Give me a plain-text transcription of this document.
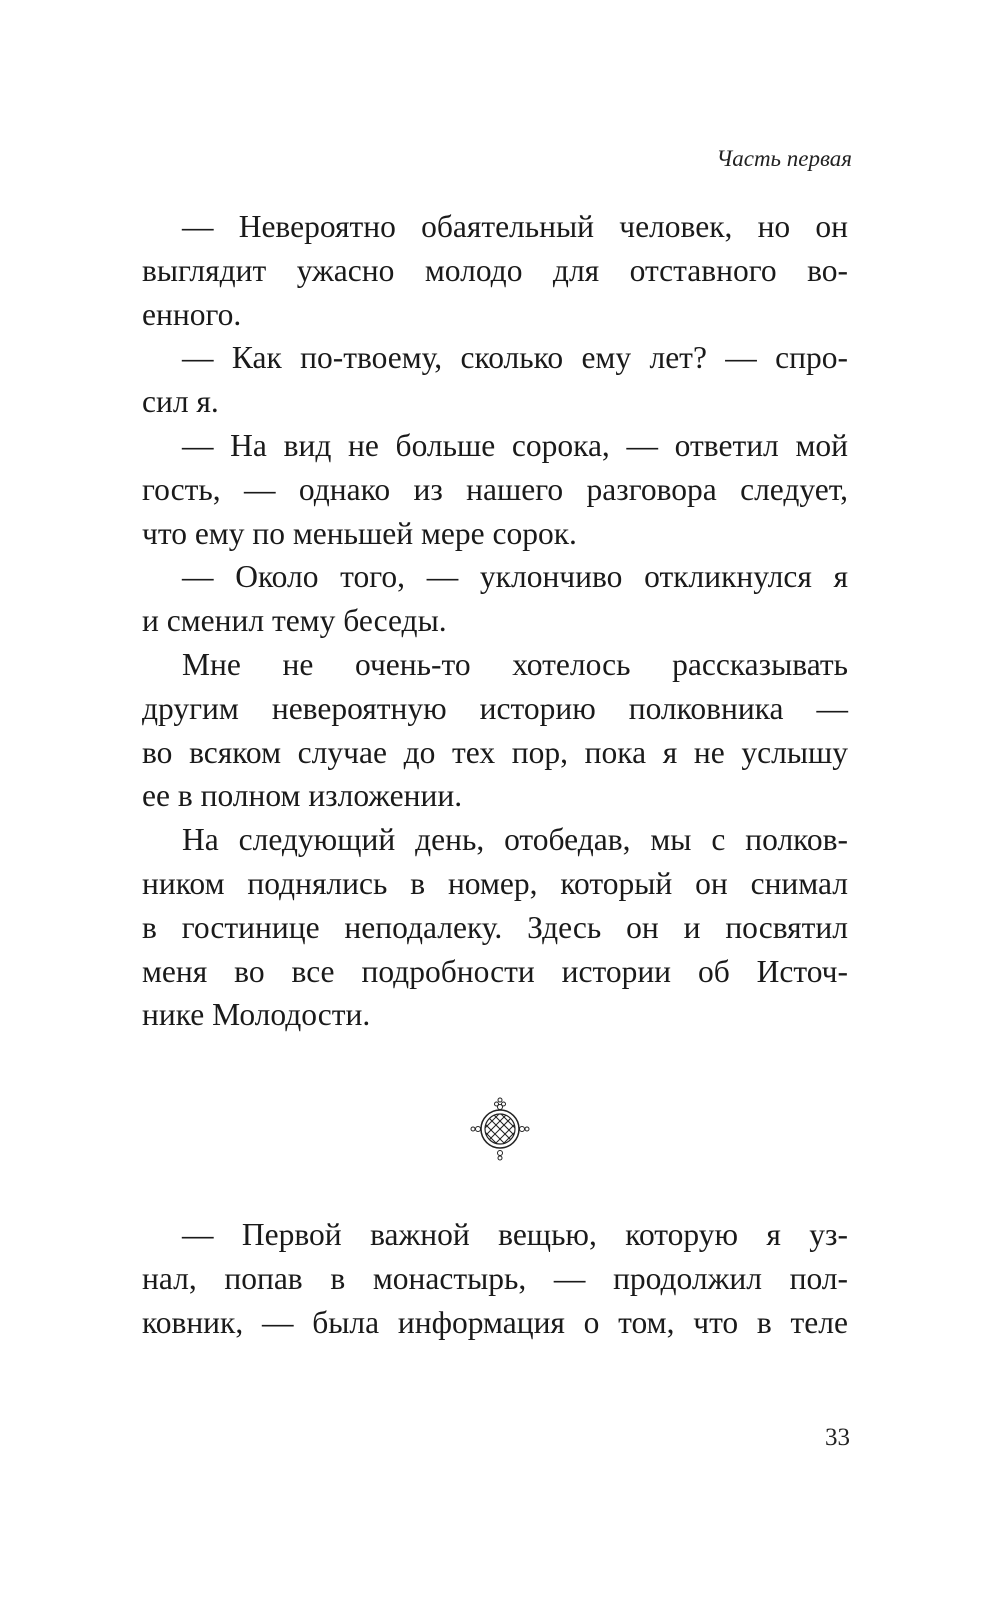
Часть первая
— Невероятно обаятельный человек, но он
выглядит ужасно молодо для отставного во-
енного.
— Как по-твоему, сколько ему лет? — спро-
сил я.
— На вид не больше сорока, — ответил мой
гость, — однако из нашего разговора следует,
что ему по меньшей мере сорок.
— Около того, — уклончиво откликнулся я
и сменил тему беседы.
Мне не очень-то хотелось рассказывать
другим невероятную историю полковника —
во всяком случае до тех пор, пока я не услышу
ее в полном изложении.
На следующий день, отобедав, мы с полков-
ником поднялись в номер, который он снимал
в гостинице неподалеку. Здесь он и посвятил
меня во все подробности истории об Источ-
нике Молодости.
— Первой важной вещью, которую я уз-
нал, попав в монастырь, — продолжил пол-
ковник, — была информация о том, что в теле
33
